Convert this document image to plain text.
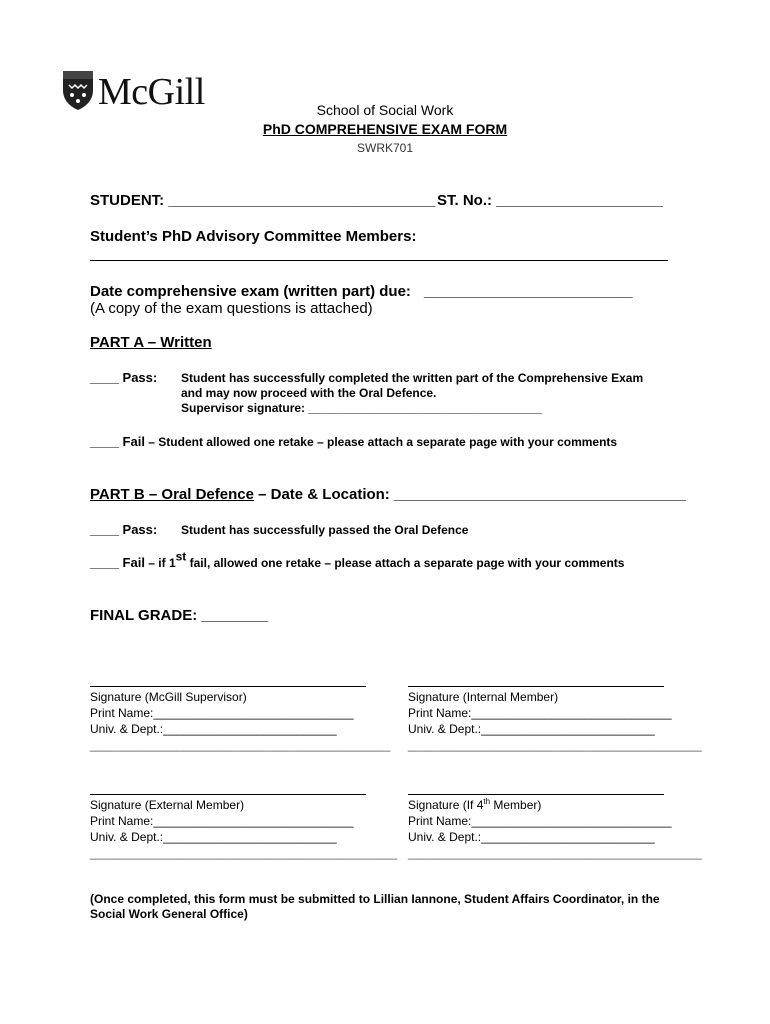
McGill	School of Social Work
PhD COMPREHENSIVE EXAM FORM
SWRK701
STUDENT: ________________________________ ST. No.: ____________________
Student’s PhD Advisory Committee Members:
Date comprehensive exam (written part) due: _________________________
(A copy of the exam questions is attached)
PART A – Written
____ Pass: Student has successfully completed the written part of the Comprehensive Exam
and may now proceed with the Oral Defence.
Supervisor signature: ___________________________________
____ Fail – Student allowed one retake – please attach a separate page with your comments
PART B – Oral Defence – Date & Location: ___________________________________
____ Pass: Student has successfully passed the Oral Defence
____ Fail – if 1st fail, allowed one retake – please attach a separate page with your comments
FINAL GRADE: ________
Signature (McGill Supervisor)
Print Name:______________________________
Univ. & Dept.:__________________________
_____________________________________________
Signature (Internal Member)
Print Name:______________________________
Univ. & Dept.:__________________________
____________________________________________
Signature (External Member)
Print Name:______________________________
Univ. & Dept.:__________________________
______________________________________________
Signature (If 4th Member)
Print Name:______________________________
Univ. & Dept.:__________________________
____________________________________________
(Once completed, this form must be submitted to Lillian Iannone, Student Affairs Coordinator, in the
Social Work General Office)
